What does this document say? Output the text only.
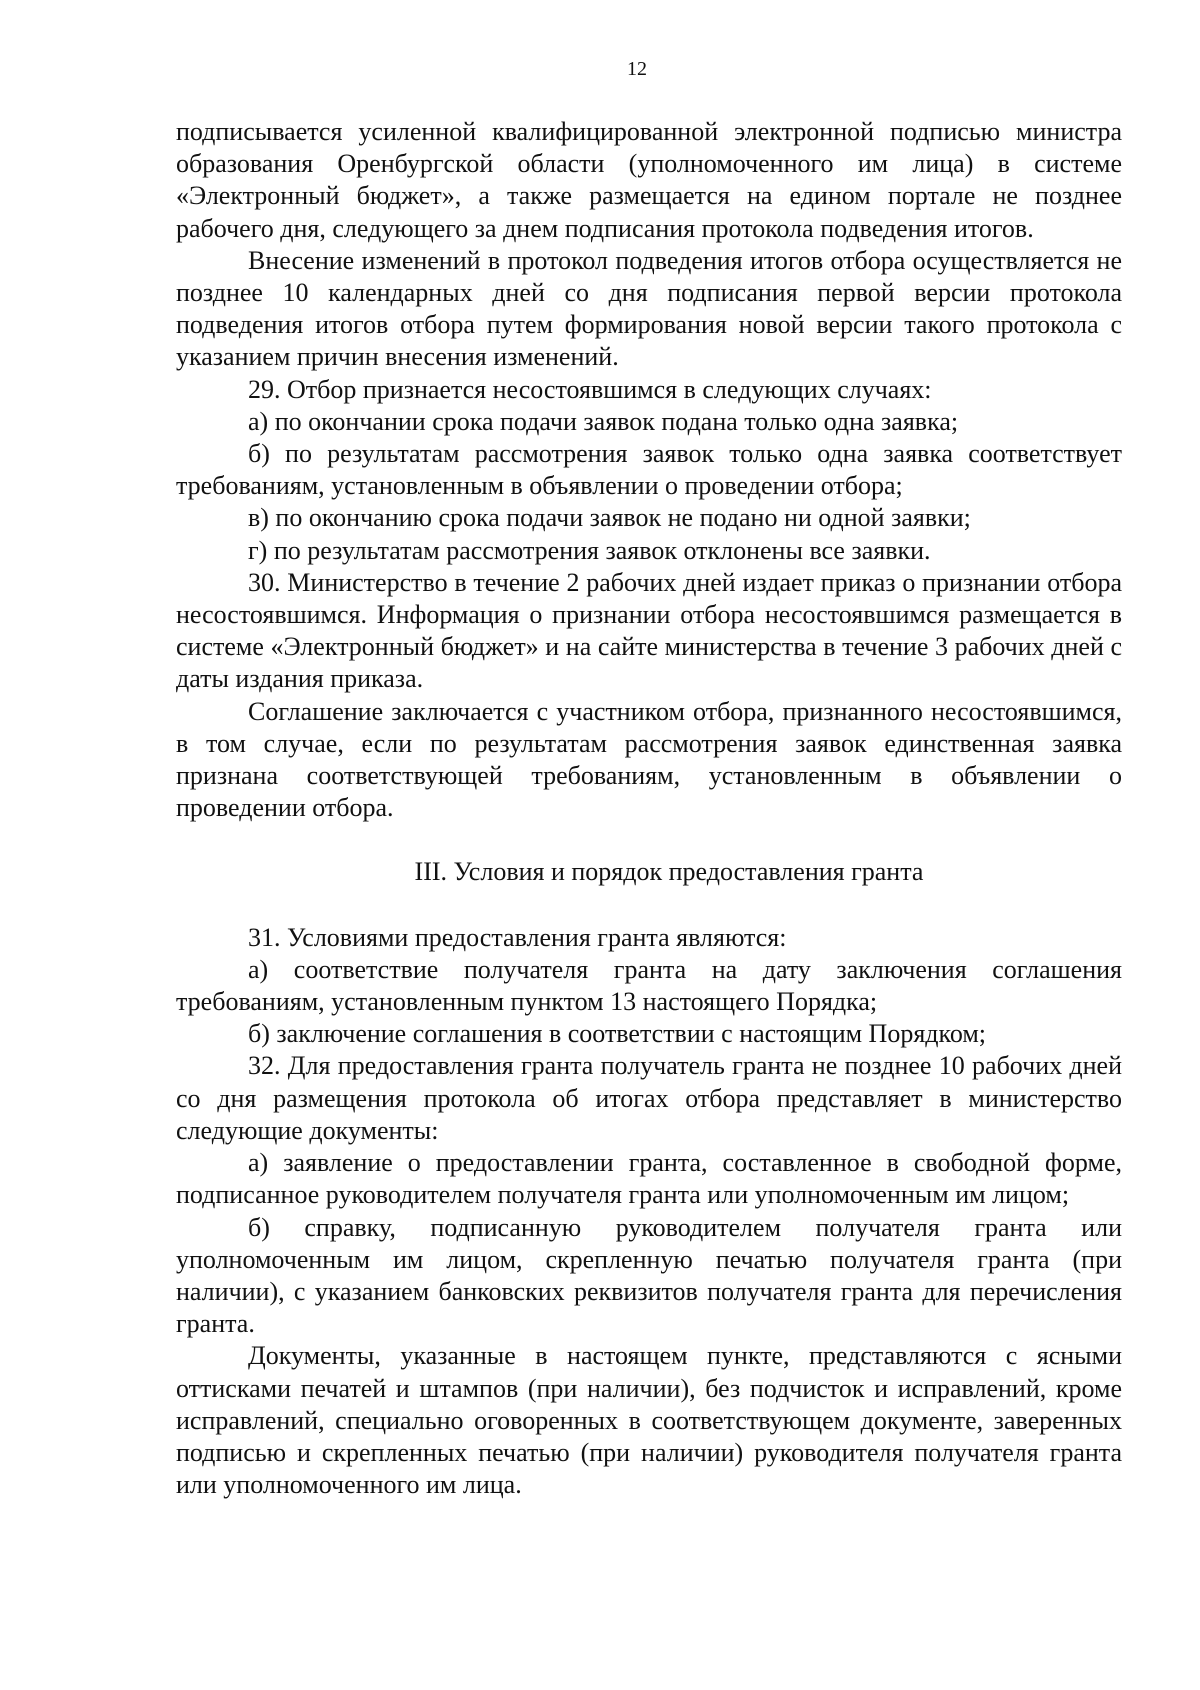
12

подписывается усиленной квалифицированной электронной подписью министра образования Оренбургской области (уполномоченного им лица) в системе «Электронный бюджет», а также размещается на едином портале не позднее рабочего дня, следующего за днем подписания протокола подведения итогов.

Внесение изменений в протокол подведения итогов отбора осуществляется не позднее 10 календарных дней со дня подписания первой версии протокола подведения итогов отбора путем формирования новой версии такого протокола с указанием причин внесения изменений.

29. Отбор признается несостоявшимся в следующих случаях:

а) по окончании срока подачи заявок подана только одна заявка;

б) по результатам рассмотрения заявок только одна заявка соответствует требованиям, установленным в объявлении о проведении отбора;

в) по окончанию срока подачи заявок не подано ни одной заявки;

г) по результатам рассмотрения заявок отклонены все заявки.

30. Министерство в течение 2 рабочих дней издает приказ о признании отбора несостоявшимся. Информация о признании отбора несостоявшимся размещается в системе «Электронный бюджет» и на сайте министерства в течение 3 рабочих дней с даты издания приказа.

Соглашение заключается с участником отбора, признанного несостоявшимся, в том случае, если по результатам рассмотрения заявок единственная заявка признана соответствующей требованиям, установленным в объявлении о проведении отбора.

III. Условия и порядок предоставления гранта

31. Условиями предоставления гранта являются:

а) соответствие получателя гранта на дату заключения соглашения требованиям, установленным пунктом 13 настоящего Порядка;

б) заключение соглашения в соответствии с настоящим Порядком;

32. Для предоставления гранта получатель гранта не позднее 10 рабочих дней со дня размещения протокола об итогах отбора представляет в министерство следующие документы:

а) заявление о предоставлении гранта, составленное в свободной форме, подписанное руководителем получателя гранта или уполномоченным им лицом;

б) справку, подписанную руководителем получателя гранта или уполномоченным им лицом, скрепленную печатью получателя гранта (при наличии), с указанием банковских реквизитов получателя гранта для перечисления гранта.

Документы, указанные в настоящем пункте, представляются с ясными оттисками печатей и штампов (при наличии), без подчисток и исправлений, кроме исправлений, специально оговоренных в соответствующем документе, заверенных подписью и скрепленных печатью (при наличии) руководителя получателя гранта или уполномоченного им лица.
